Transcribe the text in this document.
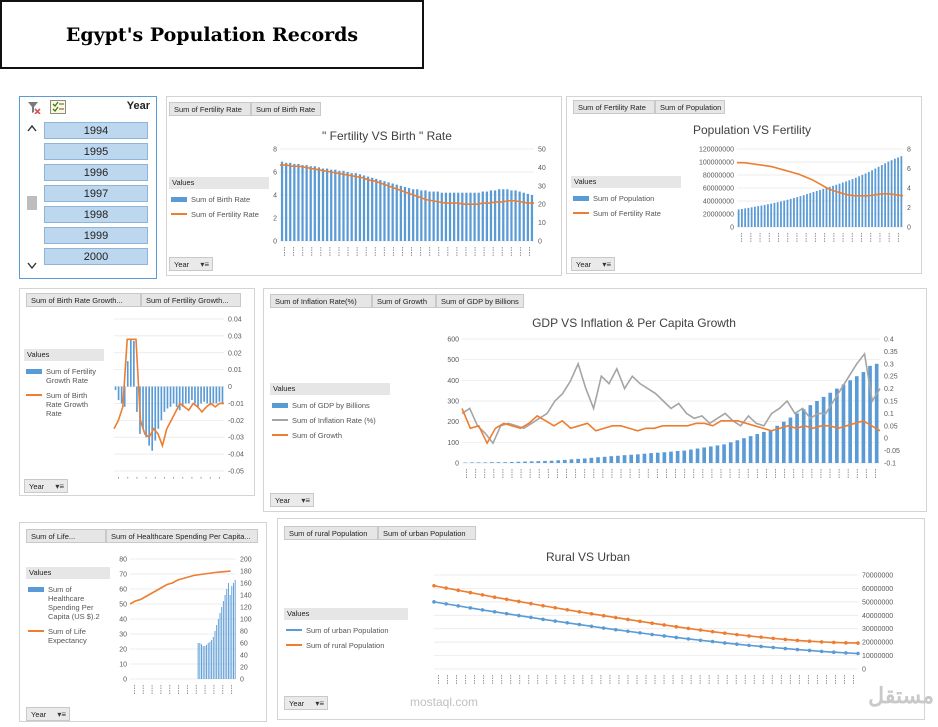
Egypt's Population Records
Year
1994
1995
1996
1997
1998
1999
2000
Sum of Fertility Rate	Sum of Birth Rate
" Fertility VS Birth " Rate
Values
Sum of Birth Rate
Sum of Fertility Rate
Year ▾≡
0
2
4
6
8
0
10
20
30
40
50
Sum of Fertility Rate	Sum of Population
Population VS Fertility
Values
Sum of Population
Sum of Fertility Rate
Year ▾≡
0
20000000
40000000
60000000
80000000
100000000
120000000
0
2
4
6
8
Sum of Birth Rate Growth...	Sum of Fertility Growth...
Values
Sum of Fertility Growth Rate
Sum of Birth Rate Growth Rate
Year ▾≡
0.04
0.03
0.02
0.01
0
-0.01
-0.02
-0.03
-0.04
-0.05
Sum of Inflation Rate(%)	Sum of Growth	Sum of GDP by Billions
GDP VS Inflation & Per Capita Growth
Values
Sum of GDP by Billions
Sum of Inflation Rate (%)
Sum of Growth
Year ▾≡
0
100
200
300
400
500
600
-0.1
-0.05
0
0.05
0.1
0.15
0.2
0.25
0.3
0.35
0.4
Sum of Life...	Sum of Healthcare Spending Per Capita...
Values
Sum of Healthcare Spending Per Capita (US $).2
Sum of Life Expectancy
Year ▾≡
0
10
20
30
40
50
60
70
80
0
20
40
60
80
100
120
140
160
180
200
Sum of rural Population	Sum of urban Population
Rural VS Urban
Values
Sum of urban Population
Sum of rural Population
Year ▾≡
0
10000000
20000000
30000000
40000000
50000000
60000000
70000000
مستقل
mostaql.com
